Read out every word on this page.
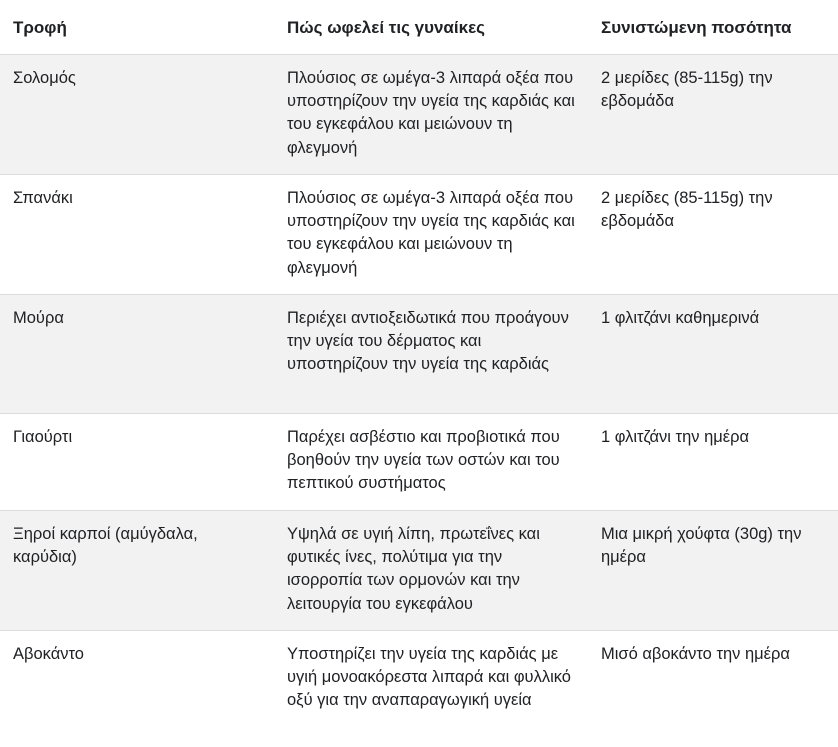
Τροφή	Πώς ωφελεί τις γυναίκες	Συνιστώμενη ποσότητα
Σολομός	Πλούσιος σε ωμέγα-3 λιπαρά οξέα που υποστηρίζουν την υγεία της καρδιάς και του εγκεφάλου και μειώνουν τη φλεγμονή	2 μερίδες (85-115g) την εβδομάδα
Σπανάκι	Πλούσιος σε ωμέγα-3 λιπαρά οξέα που υποστηρίζουν την υγεία της καρδιάς και του εγκεφάλου και μειώνουν τη φλεγμονή	2 μερίδες (85-115g) την εβδομάδα
Μούρα	Περιέχει αντιοξειδωτικά που προάγουν την υγεία του δέρματος και υποστηρίζουν την υγεία της καρδιάς	1 φλιτζάνι καθημερινά
Γιαούρτι	Παρέχει ασβέστιο και προβιοτικά που βοηθούν την υγεία των οστών και του πεπτικού συστήματος	1 φλιτζάνι την ημέρα
Ξηροί καρποί (αμύγδαλα, καρύδια)	Υψηλά σε υγιή λίπη, πρωτεΐνες και φυτικές ίνες, πολύτιμα για την ισορροπία των ορμονών και την λειτουργία του εγκεφάλου	Μια μικρή χούφτα (30g) την ημέρα
Αβοκάντο	Υποστηρίζει την υγεία της καρδιάς με υγιή μονοακόρεστα λιπαρά και φυλλικό οξύ για την αναπαραγωγική υγεία	Μισό αβοκάντο την ημέρα
